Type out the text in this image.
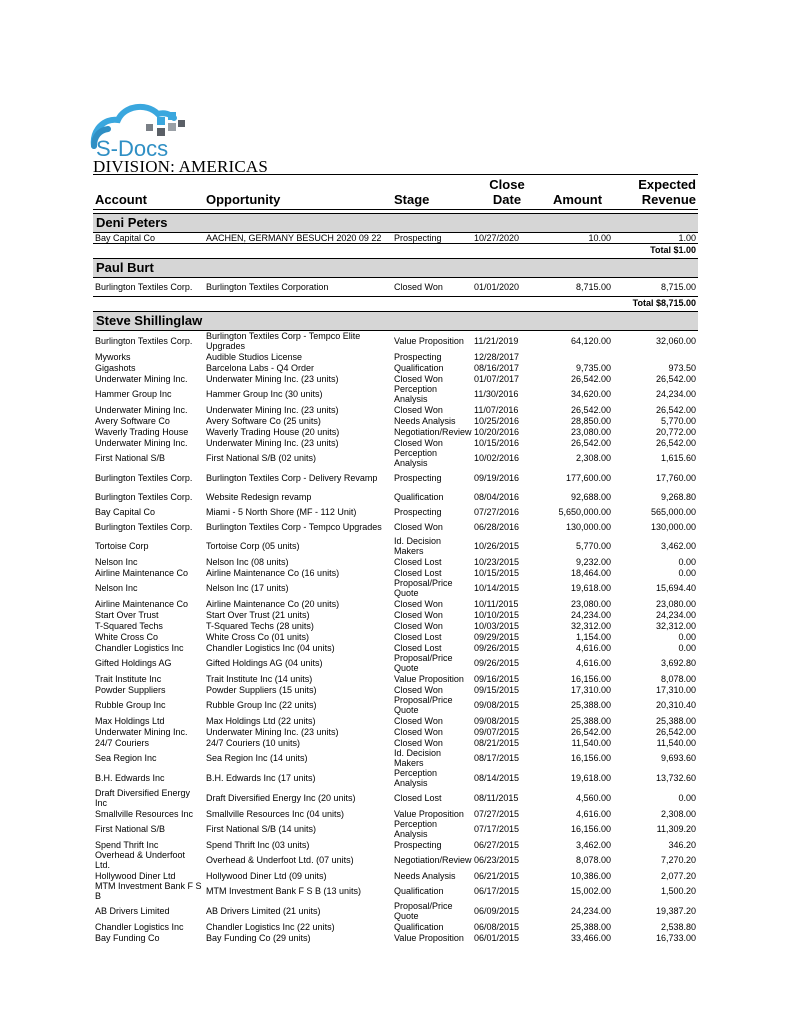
S-Docs
DIVISION: AMERICAS
Account	Opportunity	Stage	Close Date	Amount	Expected Revenue

Deni Peters					
Bay Capital Co	AACHEN, GERMANY BESUCH 2020 09 22	Prospecting	10/27/2020	10.00	1.00
Total $1.00					

Paul Burt					
Burlington Textiles Corp.	Burlington Textiles Corporation	Closed Won	01/01/2020	8,715.00	8,715.00
Total $8,715.00					

Steve Shillinglaw					
Burlington Textiles Corp.	Burlington Textiles Corp - Tempco Elite Upgrades	Value Proposition	11/21/2019	64,120.00	32,060.00
Myworks	Audible Studios License	Prospecting	12/28/2017		
Gigashots	Barcelona Labs - Q4 Order	Qualification	08/16/2017	9,735.00	973.50
Underwater Mining Inc.	Underwater Mining Inc. (23 units)	Closed Won	01/07/2017	26,542.00	26,542.00
Hammer Group Inc	Hammer Group Inc (30 units)	Perception Analysis	11/30/2016	34,620.00	24,234.00
Underwater Mining Inc.	Underwater Mining Inc. (23 units)	Closed Won	11/07/2016	26,542.00	26,542.00
Avery Software Co	Avery Software Co (25 units)	Needs Analysis	10/25/2016	28,850.00	5,770.00
Waverly Trading House	Waverly Trading House (20 units)	Negotiation/Review	10/20/2016	23,080.00	20,772.00
Underwater Mining Inc.	Underwater Mining Inc. (23 units)	Closed Won	10/15/2016	26,542.00	26,542.00
First National S/B	First National S/B (02 units)	Perception Analysis	10/02/2016	2,308.00	1,615.60
Burlington Textiles Corp.	Burlington Textiles Corp - Delivery Revamp	Prospecting	09/19/2016	177,600.00	17,760.00
Burlington Textiles Corp.	Website Redesign revamp	Qualification	08/04/2016	92,688.00	9,268.80
Bay Capital Co	Miami - 5 North Shore (MF - 112 Unit)	Prospecting	07/27/2016	5,650,000.00	565,000.00
Burlington Textiles Corp.	Burlington Textiles Corp - Tempco Upgrades	Closed Won	06/28/2016	130,000.00	130,000.00
Tortoise Corp	Tortoise Corp (05 units)	Id. Decision Makers	10/26/2015	5,770.00	3,462.00
Nelson Inc	Nelson Inc (08 units)	Closed Lost	10/23/2015	9,232.00	0.00
Airline Maintenance Co	Airline Maintenance Co (16 units)	Closed Lost	10/15/2015	18,464.00	0.00
Nelson Inc	Nelson Inc (17 units)	Proposal/Price Quote	10/14/2015	19,618.00	15,694.40
Airline Maintenance Co	Airline Maintenance Co (20 units)	Closed Won	10/11/2015	23,080.00	23,080.00
Start Over Trust	Start Over Trust (21 units)	Closed Won	10/10/2015	24,234.00	24,234.00
T-Squared Techs	T-Squared Techs (28 units)	Closed Won	10/03/2015	32,312.00	32,312.00
White Cross Co	White Cross Co (01 units)	Closed Lost	09/29/2015	1,154.00	0.00
Chandler Logistics Inc	Chandler Logistics Inc (04 units)	Closed Lost	09/26/2015	4,616.00	0.00
Gifted Holdings AG	Gifted Holdings AG (04 units)	Proposal/Price Quote	09/26/2015	4,616.00	3,692.80
Trait Institute Inc	Trait Institute Inc (14 units)	Value Proposition	09/16/2015	16,156.00	8,078.00
Powder Suppliers	Powder Suppliers (15 units)	Closed Won	09/15/2015	17,310.00	17,310.00
Rubble Group Inc	Rubble Group Inc (22 units)	Proposal/Price Quote	09/08/2015	25,388.00	20,310.40
Max Holdings Ltd	Max Holdings Ltd (22 units)	Closed Won	09/08/2015	25,388.00	25,388.00
Underwater Mining Inc.	Underwater Mining Inc. (23 units)	Closed Won	09/07/2015	26,542.00	26,542.00
24/7 Couriers	24/7 Couriers (10 units)	Closed Won	08/21/2015	11,540.00	11,540.00
Sea Region Inc	Sea Region Inc (14 units)	Id. Decision Makers	08/17/2015	16,156.00	9,693.60
B.H. Edwards Inc	B.H. Edwards Inc (17 units)	Perception Analysis	08/14/2015	19,618.00	13,732.60
Draft Diversified Energy Inc	Draft Diversified Energy Inc (20 units)	Closed Lost	08/11/2015	4,560.00	0.00
Smallville Resources Inc	Smallville Resources Inc (04 units)	Value Proposition	07/27/2015	4,616.00	2,308.00
First National S/B	First National S/B (14 units)	Perception Analysis	07/17/2015	16,156.00	11,309.20
Spend Thrift Inc	Spend Thrift Inc (03 units)	Prospecting	06/27/2015	3,462.00	346.20
Overhead & Underfoot Ltd.	Overhead & Underfoot Ltd. (07 units)	Negotiation/Review	06/23/2015	8,078.00	7,270.20
Hollywood Diner Ltd	Hollywood Diner Ltd (09 units)	Needs Analysis	06/21/2015	10,386.00	2,077.20
MTM Investment Bank F S B	MTM Investment Bank F S B (13 units)	Qualification	06/17/2015	15,002.00	1,500.20
AB Drivers Limited	AB Drivers Limited (21 units)	Proposal/Price Quote	06/09/2015	24,234.00	19,387.20
Chandler Logistics Inc	Chandler Logistics Inc (22 units)	Qualification	06/08/2015	25,388.00	2,538.80
Bay Funding Co	Bay Funding Co (29 units)	Value Proposition	06/01/2015	33,466.00	16,733.00
